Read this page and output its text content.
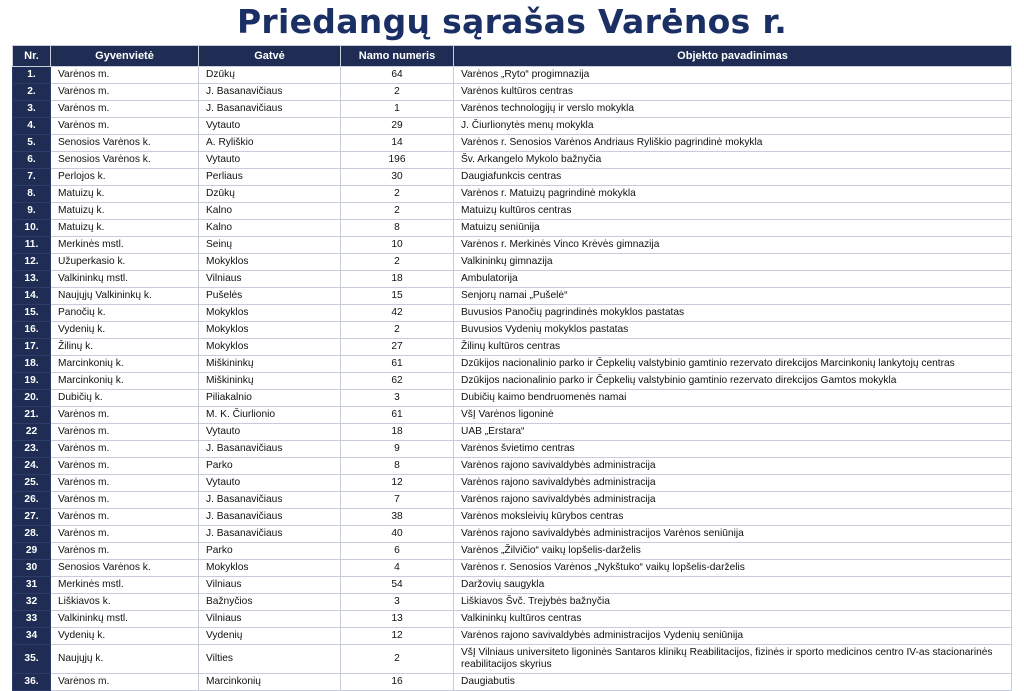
Priedangų sąrašas Varėnos r.
Nr.	Gyvenvietė	Gatvė	Namo numeris	Objekto pavadinimas
1.	Varėnos m.	Dzūkų	64	Varėnos „Ryto“ progimnazija
2.	Varėnos m.	J. Basanavičiaus	2	Varėnos kultūros centras
3.	Varėnos m.	J. Basanavičiaus	1	Varėnos technologijų ir verslo mokykla
4.	Varėnos m.	Vytauto	29	J. Čiurlionytės menų mokykla
5.	Senosios Varėnos k.	A. Ryliškio	14	Varėnos r. Senosios Varėnos Andriaus Ryliškio pagrindinė mokykla
6.	Senosios Varėnos k.	Vytauto	196	Šv. Arkangelo Mykolo bažnyčia
7.	Perlojos k.	Perliaus	30	Daugiafunkcis centras
8.	Matuizų k.	Dzūkų	2	Varėnos r. Matuizų pagrindinė mokykla
9.	Matuizų k.	Kalno	2	Matuizų kultūros centras
10.	Matuizų k.	Kalno	8	Matuizų seniūnija
11.	Merkinės mstl.	Seinų	10	Varėnos r. Merkinės Vinco Krėvės gimnazija
12.	Užuperkasio k.	Mokyklos	2	Valkininkų gimnazija
13.	Valkininkų mstl.	Vilniaus	18	Ambulatorija
14.	Naujųjų Valkininkų k.	Pušelės	15	Senjorų namai „Pušelė“
15.	Panočių k.	Mokyklos	42	Buvusios Panočių pagrindinės mokyklos pastatas
16.	Vydenių k.	Mokyklos	2	Buvusios Vydenių mokyklos pastatas
17.	Žilinų k.	Mokyklos	27	Žilinų kultūros centras
18.	Marcinkonių k.	Miškininkų	61	Dzūkijos nacionalinio parko ir Čepkelių valstybinio gamtinio rezervato direkcijos Marcinkonių lankytojų centras
19.	Marcinkonių k.	Miškininkų	62	Dzūkijos nacionalinio parko ir Čepkelių valstybinio gamtinio rezervato direkcijos Gamtos mokykla
20.	Dubičių k.	Piliakalnio	3	Dubičių kaimo bendruomenės namai
21.	Varėnos m.	M. K. Čiurlionio	61	VšĮ Varėnos ligoninė
22	Varėnos m.	Vytauto	18	UAB „Erstara“
23.	Varėnos m.	J. Basanavičiaus	9	Varėnos švietimo centras
24.	Varėnos m.	Parko	8	Varėnos rajono savivaldybės administracija
25.	Varėnos m.	Vytauto	12	Varėnos rajono savivaldybės administracija
26.	Varėnos m.	J. Basanavičiaus	7	Varėnos rajono savivaldybės administracija
27.	Varėnos m.	J. Basanavičiaus	38	Varėnos moksleivių kūrybos centras
28.	Varėnos m.	J. Basanavičiaus	40	Varėnos rajono savivaldybės administracijos Varėnos seniūnija
29	Varėnos m.	Parko	6	Varėnos „Žilvičio“ vaikų lopšelis-darželis
30	Senosios Varėnos k.	Mokyklos	4	Varėnos r. Senosios Varėnos „Nykštuko“ vaikų lopšelis-darželis
31	Merkinės mstl.	Vilniaus	54	Daržovių saugykla
32	Liškiavos k.	Bažnyčios	3	Liškiavos Švč. Trejybės bažnyčia
33	Valkininkų mstl.	Vilniaus	13	Valkininkų kultūros centras
34	Vydenių k.	Vydenių	12	Varėnos rajono savivaldybės administracijos Vydenių seniūnija
35.	Naujųjų k.	Vilties	2	VšĮ Vilniaus universiteto ligoninės Santaros klinikų Reabilitacijos, fizinės ir sporto medicinos centro IV-as stacionarinės reabilitacijos skyrius
36.	Varėnos m.	Marcinkonių	16	Daugiabutis
